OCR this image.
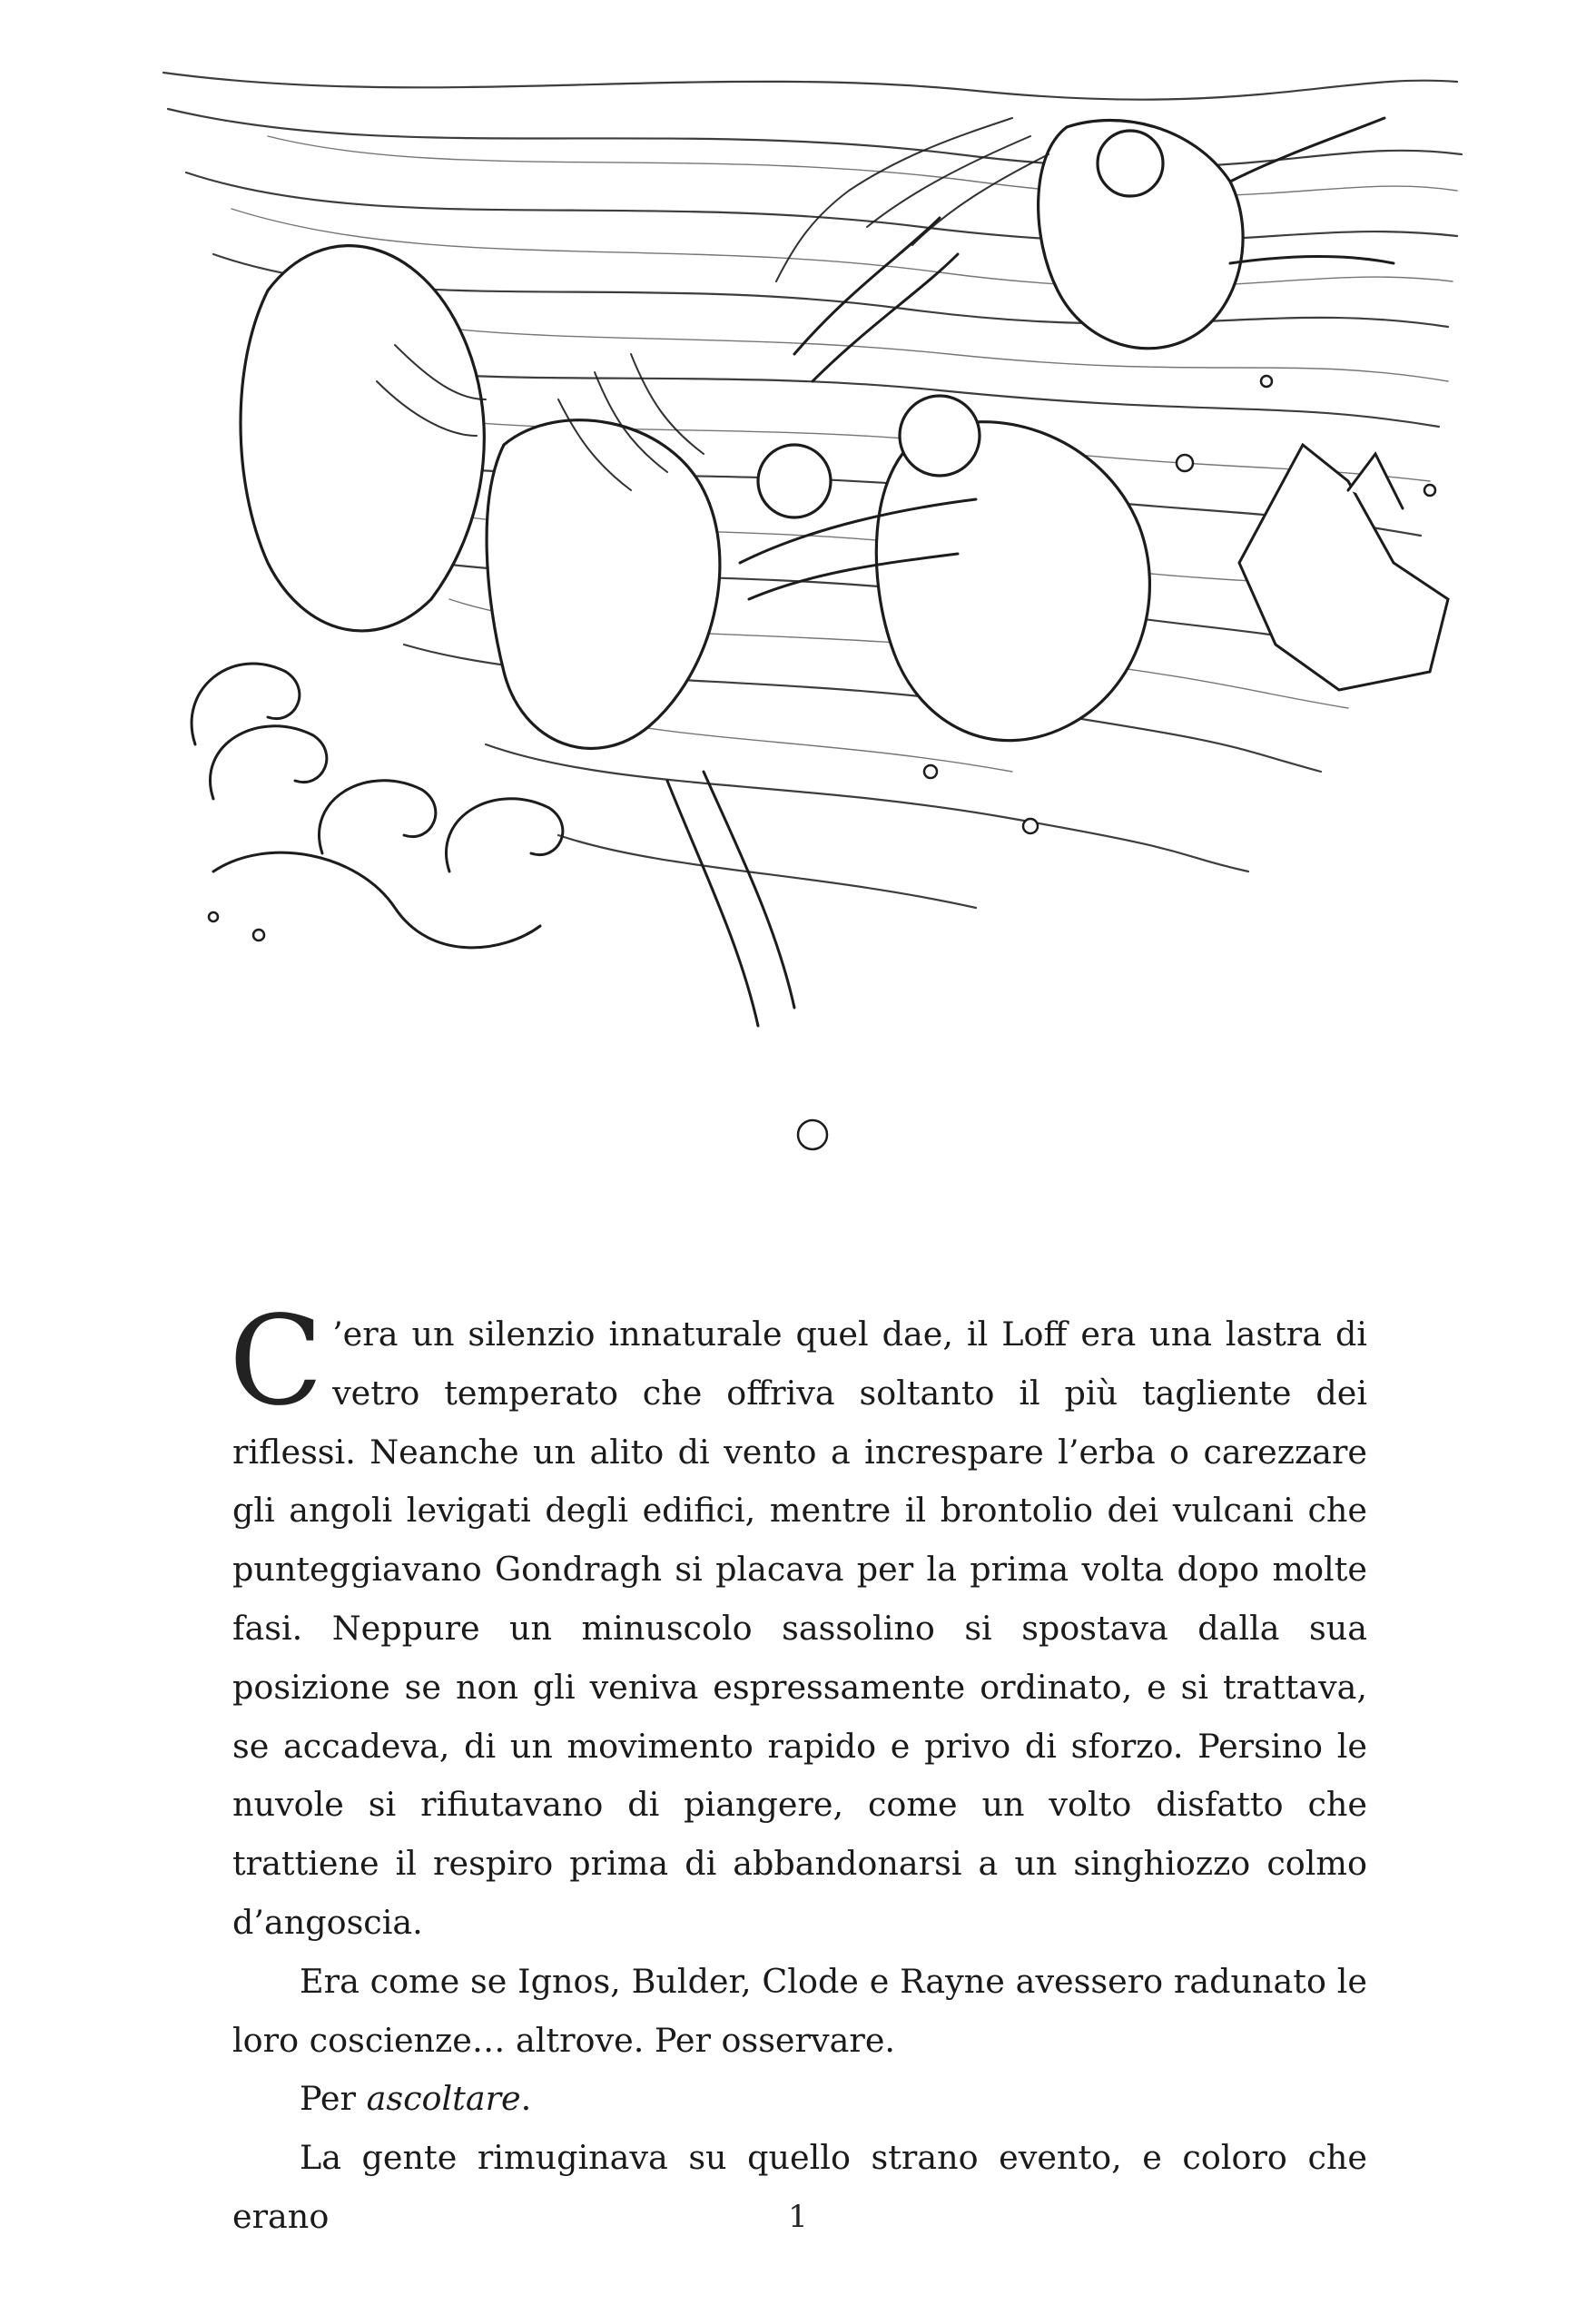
C ’era un silenzio innaturale quel dae, il Loff era una lastra di vetro temperato che offriva soltanto il più tagliente dei riflessi. Neanche un alito di vento a increspare l’erba o carezzare gli angoli levigati degli edifici, mentre il brontolio dei vulcani che punteggiavano Gondragh si placava per la prima volta dopo molte fasi. Neppure un minuscolo sassolino si spostava dalla sua posizione se non gli veniva espressamente ordinato, e si trattava, se accadeva, di un movimento rapido e privo di sforzo. Persino le nuvole si rifiutavano di piangere, come un volto disfatto che trattiene il respiro prima di abbandonarsi a un singhiozzo colmo d’angoscia.

Era come se Ignos, Bulder, Clode e Rayne avessero radunato le loro coscienze… altrove. Per osservare.

Per ascoltare.

La gente rimuginava su quello strano evento, e coloro che erano	1
